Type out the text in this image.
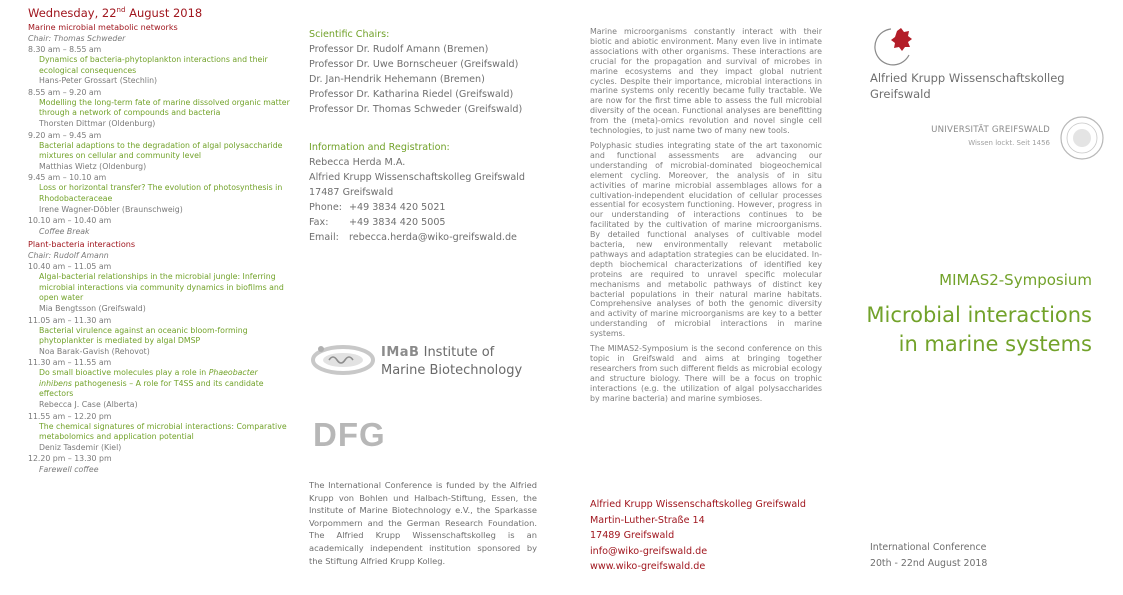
Wednesday, 22nd August 2018
Marine microbial metabolic networks
Chair: Thomas Schweder
8.30 am – 8.55 am
Dynamics of bacteria-phytoplankton interactions and their ecological consequences
Hans-Peter Grossart (Stechlin)
8.55 am – 9.20 am
Modelling the long-term fate of marine dissolved organic matter through a network of compounds and bacteria
Thorsten Dittmar (Oldenburg)
9.20 am – 9.45 am
Bacterial adaptions to the degradation of algal polysaccharide mixtures on cellular and community level
Matthias Wietz (Oldenburg)
9.45 am – 10.10 am
Loss or horizontal transfer? The evolution of photosynthesis in Rhodobacteraceae
Irene Wagner-Döbler (Braunschweig)
10.10 am – 10.40 am
Coffee Break
Plant-bacteria interactions
Chair: Rudolf Amann
10.40 am – 11.05 am
Algal-bacterial relationships in the microbial jungle: Inferring microbial interactions via community dynamics in biofilms and open water
Mia Bengtsson (Greifswald)
11.05 am – 11.30 am
Bacterial virulence against an oceanic bloom-forming phytoplankter is mediated by algal DMSP
Noa Barak-Gavish (Rehovot)
11.30 am – 11.55 am
Do small bioactive molecules play a role in Phaeobacter inhibens pathogenesis – A role for T4SS and its candidate effectors
Rebecca J. Case (Alberta)
11.55 am – 12.20 pm
The chemical signatures of microbial interactions: Comparative metabolomics and application potential
Deniz Tasdemir (Kiel)
12.20 pm – 13.30 pm
Farewell coffee
Scientific Chairs:
Professor Dr. Rudolf Amann (Bremen)
Professor Dr. Uwe Bornscheuer (Greifswald)
Dr. Jan-Hendrik Hehemann (Bremen)
Professor Dr. Katharina Riedel (Greifswald)
Professor Dr. Thomas Schweder (Greifswald)
Information and Registration:
Rebecca Herda M.A.
Alfried Krupp Wissenschaftskolleg Greifswald
17487 Greifswald
Phone: +49 3834 420 5021
Fax:	+49 3834 420 5005
Email:	rebecca.herda@wiko-greifswald.de
IMaB Institute of
Marine Biotechnology
DFG
The International Conference is funded by the Alfried Krupp von Bohlen und Halbach-Stiftung, Essen, the Institute of Marine Biotechnology e.V., the Sparkasse Vorpommern and the German Research Foundation. The Alfried Krupp Wissenschaftskolleg is an academically independent institution sponsored by the Stiftung Alfried Krupp Kolleg.

Marine microorganisms constantly interact with their biotic and abiotic environment. Many even live in intimate associations with other organisms. These interactions are crucial for the propagation and survival of microbes in marine ecosystems and they impact global nutrient cycles. Despite their importance, microbial interactions in marine systems only recently became fully tractable. We are now for the first time able to assess the full microbial diversity of the ocean. Functional analyses are benefitting from the (meta)-omics revolution and novel single cell technologies, to just name two of many new tools.

Polyphasic studies integrating state of the art taxonomic and functional assessments are advancing our understanding of microbial-dominated biogeochemical element cycling. Moreover, the analysis of in situ activities of marine microbial assemblages allows for a cultivation-independent elucidation of cellular processes essential for ecosystem functioning. However, progress in our understanding of interactions continues to be facilitated by the cultivation of marine microorganisms. By detailed functional analyses of cultivable model bacteria, new environmentally relevant metabolic pathways and adaptation strategies can be elucidated. In-depth biochemical characterizations of identified key proteins are required to unravel specific molecular mechanisms and metabolic pathways of distinct key bacterial populations in their natural marine habitats. Comprehensive analyses of both the genomic diversity and activity of marine microorganisms are key to a better understanding of microbial interactions in marine systems.

The MIMAS2-Symposium is the second conference on this topic in Greifswald and aims at bringing together researchers from such different fields as microbial ecology and structure biology. There will be a focus on trophic interactions (e.g. the utilization of algal polysaccharides by marine bacteria) and marine symbioses.

Alfried Krupp Wissenschaftskolleg Greifswald
Martin-Luther-Straße 14
17489 Greifswald
info@wiko-greifswald.de
www.wiko-greifswald.de
Alfried Krupp Wissenschaftskolleg
Greifswald
UNIVERSITÄT GREIFSWALD
Wissen lockt. Seit 1456
MIMAS2-Symposium
Microbial interactions
in marine systems
International Conference
20th - 22nd August 2018
